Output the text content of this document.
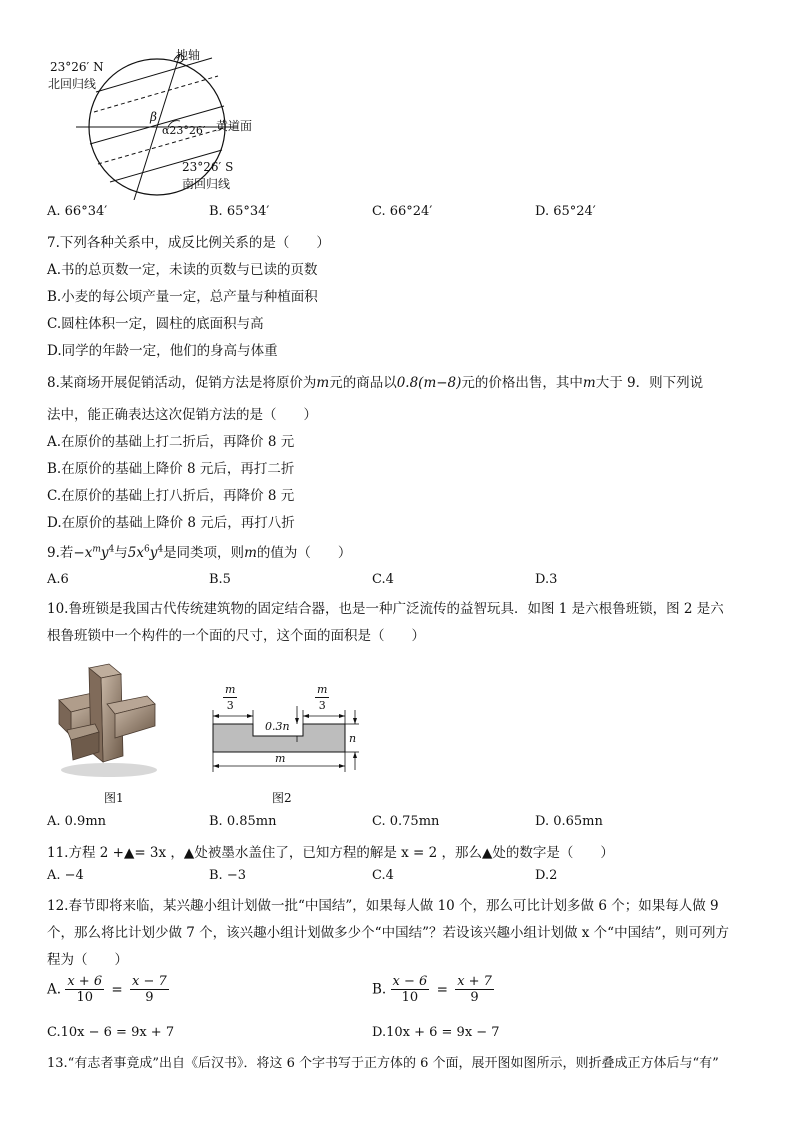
地轴
23°26′ N
北回归线
β
α23°26′ 黄道面
23°26′ S
南回归线
A. 66°34′	B. 65°34′	C. 66°24′	D. 65°24′
7.下列各种关系中，成反比例关系的是（　　）
A.书的总页数一定，未读的页数与已读的页数
B.小麦的每公顷产量一定，总产量与种植面积
C.圆柱体积一定，圆柱的底面积与高
D.同学的年龄一定，他们的身高与体重
8.某商场开展促销活动，促销方法是将原价为m元的商品以0.8(m−8)元的价格出售，其中m大于 9．则下列说
法中，能正确表达这次促销方法的是（　　）
A.在原价的基础上打二折后，再降价 8 元
B.在原价的基础上降价 8 元后，再打二折
C.在原价的基础上打八折后，再降价 8 元
D.在原价的基础上降价 8 元后，再打八折
9.若$-x^my^4$与$5x^6y^4$是同类项，则m的值为（　　）
A.6	B.5	C.4	D.3
10.鲁班锁是我国古代传统建筑物的固定结合器，也是一种广泛流传的益智玩具．如图 1 是六根鲁班锁，图 2 是六
根鲁班锁中一个构件的一个面的尺寸，这个面的面积是（　　）
图1
$\frac{m}{3}$	$\frac{m}{3}$
0.3n
n
m
图2
A. 0.9mn	B. 0.85mn	C. 0.75mn	D. 0.65mn
11.方程 2 +▲= 3x ，▲处被墨水盖住了，已知方程的解是 x = 2 ，那么▲处的数字是（　　）
A. −4	B. −3	C.4	D.2
12.春节即将来临，某兴趣小组计划做一批“中国结”，如果每人做 10 个，那么可比计划多做 6 个；如果每人做 9
个，那么将比计划少做 7 个，该兴趣小组计划做多少个“中国结”？若设该兴趣小组计划做 x 个“中国结”，则可列方
程为（　　）
A. $\frac{x + 6}{10} = \frac{x - 7}{9}$	B. $\frac{x - 6}{10} = \frac{x + 7}{9}$
C.10x − 6 = 9x + 7	D.10x + 6 = 9x − 7
13.“有志者事竟成”出自《后汉书》．将这 6 个字书写于正方体的 6 个面，展开图如图所示，则折叠成正方体后与“有”
